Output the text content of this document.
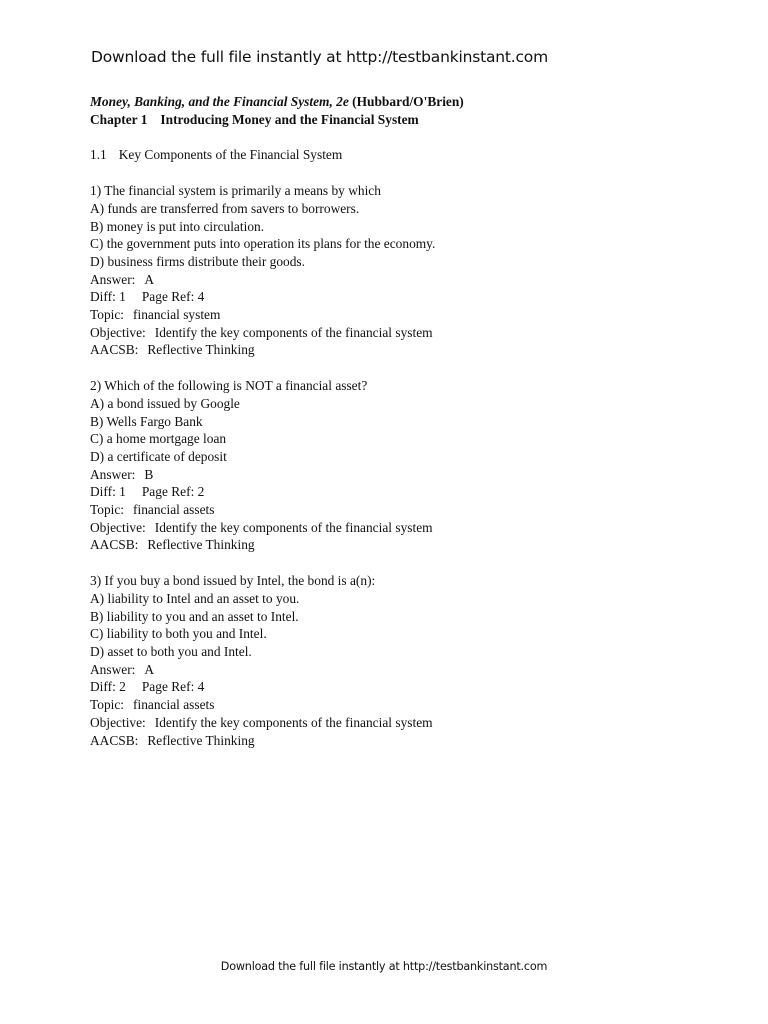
Download the full file instantly at http://testbankinstant.com
Money, Banking, and the Financial System, 2e (Hubbard/O'Brien)
Chapter 1 Introducing Money and the Financial System
1.1 Key Components of the Financial System
1) The financial system is primarily a means by which
A) funds are transferred from savers to borrowers.
B) money is put into circulation.
C) the government puts into operation its plans for the economy.
D) business firms distribute their goods.
Answer: A
Diff: 1 Page Ref: 4
Topic: financial system
Objective: Identify the key components of the financial system
AACSB: Reflective Thinking
2) Which of the following is NOT a financial asset?
A) a bond issued by Google
B) Wells Fargo Bank
C) a home mortgage loan
D) a certificate of deposit
Answer: B
Diff: 1 Page Ref: 2
Topic: financial assets
Objective: Identify the key components of the financial system
AACSB: Reflective Thinking
3) If you buy a bond issued by Intel, the bond is a(n):
A) liability to Intel and an asset to you.
B) liability to you and an asset to Intel.
C) liability to both you and Intel.
D) asset to both you and Intel.
Answer: A
Diff: 2 Page Ref: 4
Topic: financial assets
Objective: Identify the key components of the financial system
AACSB: Reflective Thinking
Download the full file instantly at http://testbankinstant.com
